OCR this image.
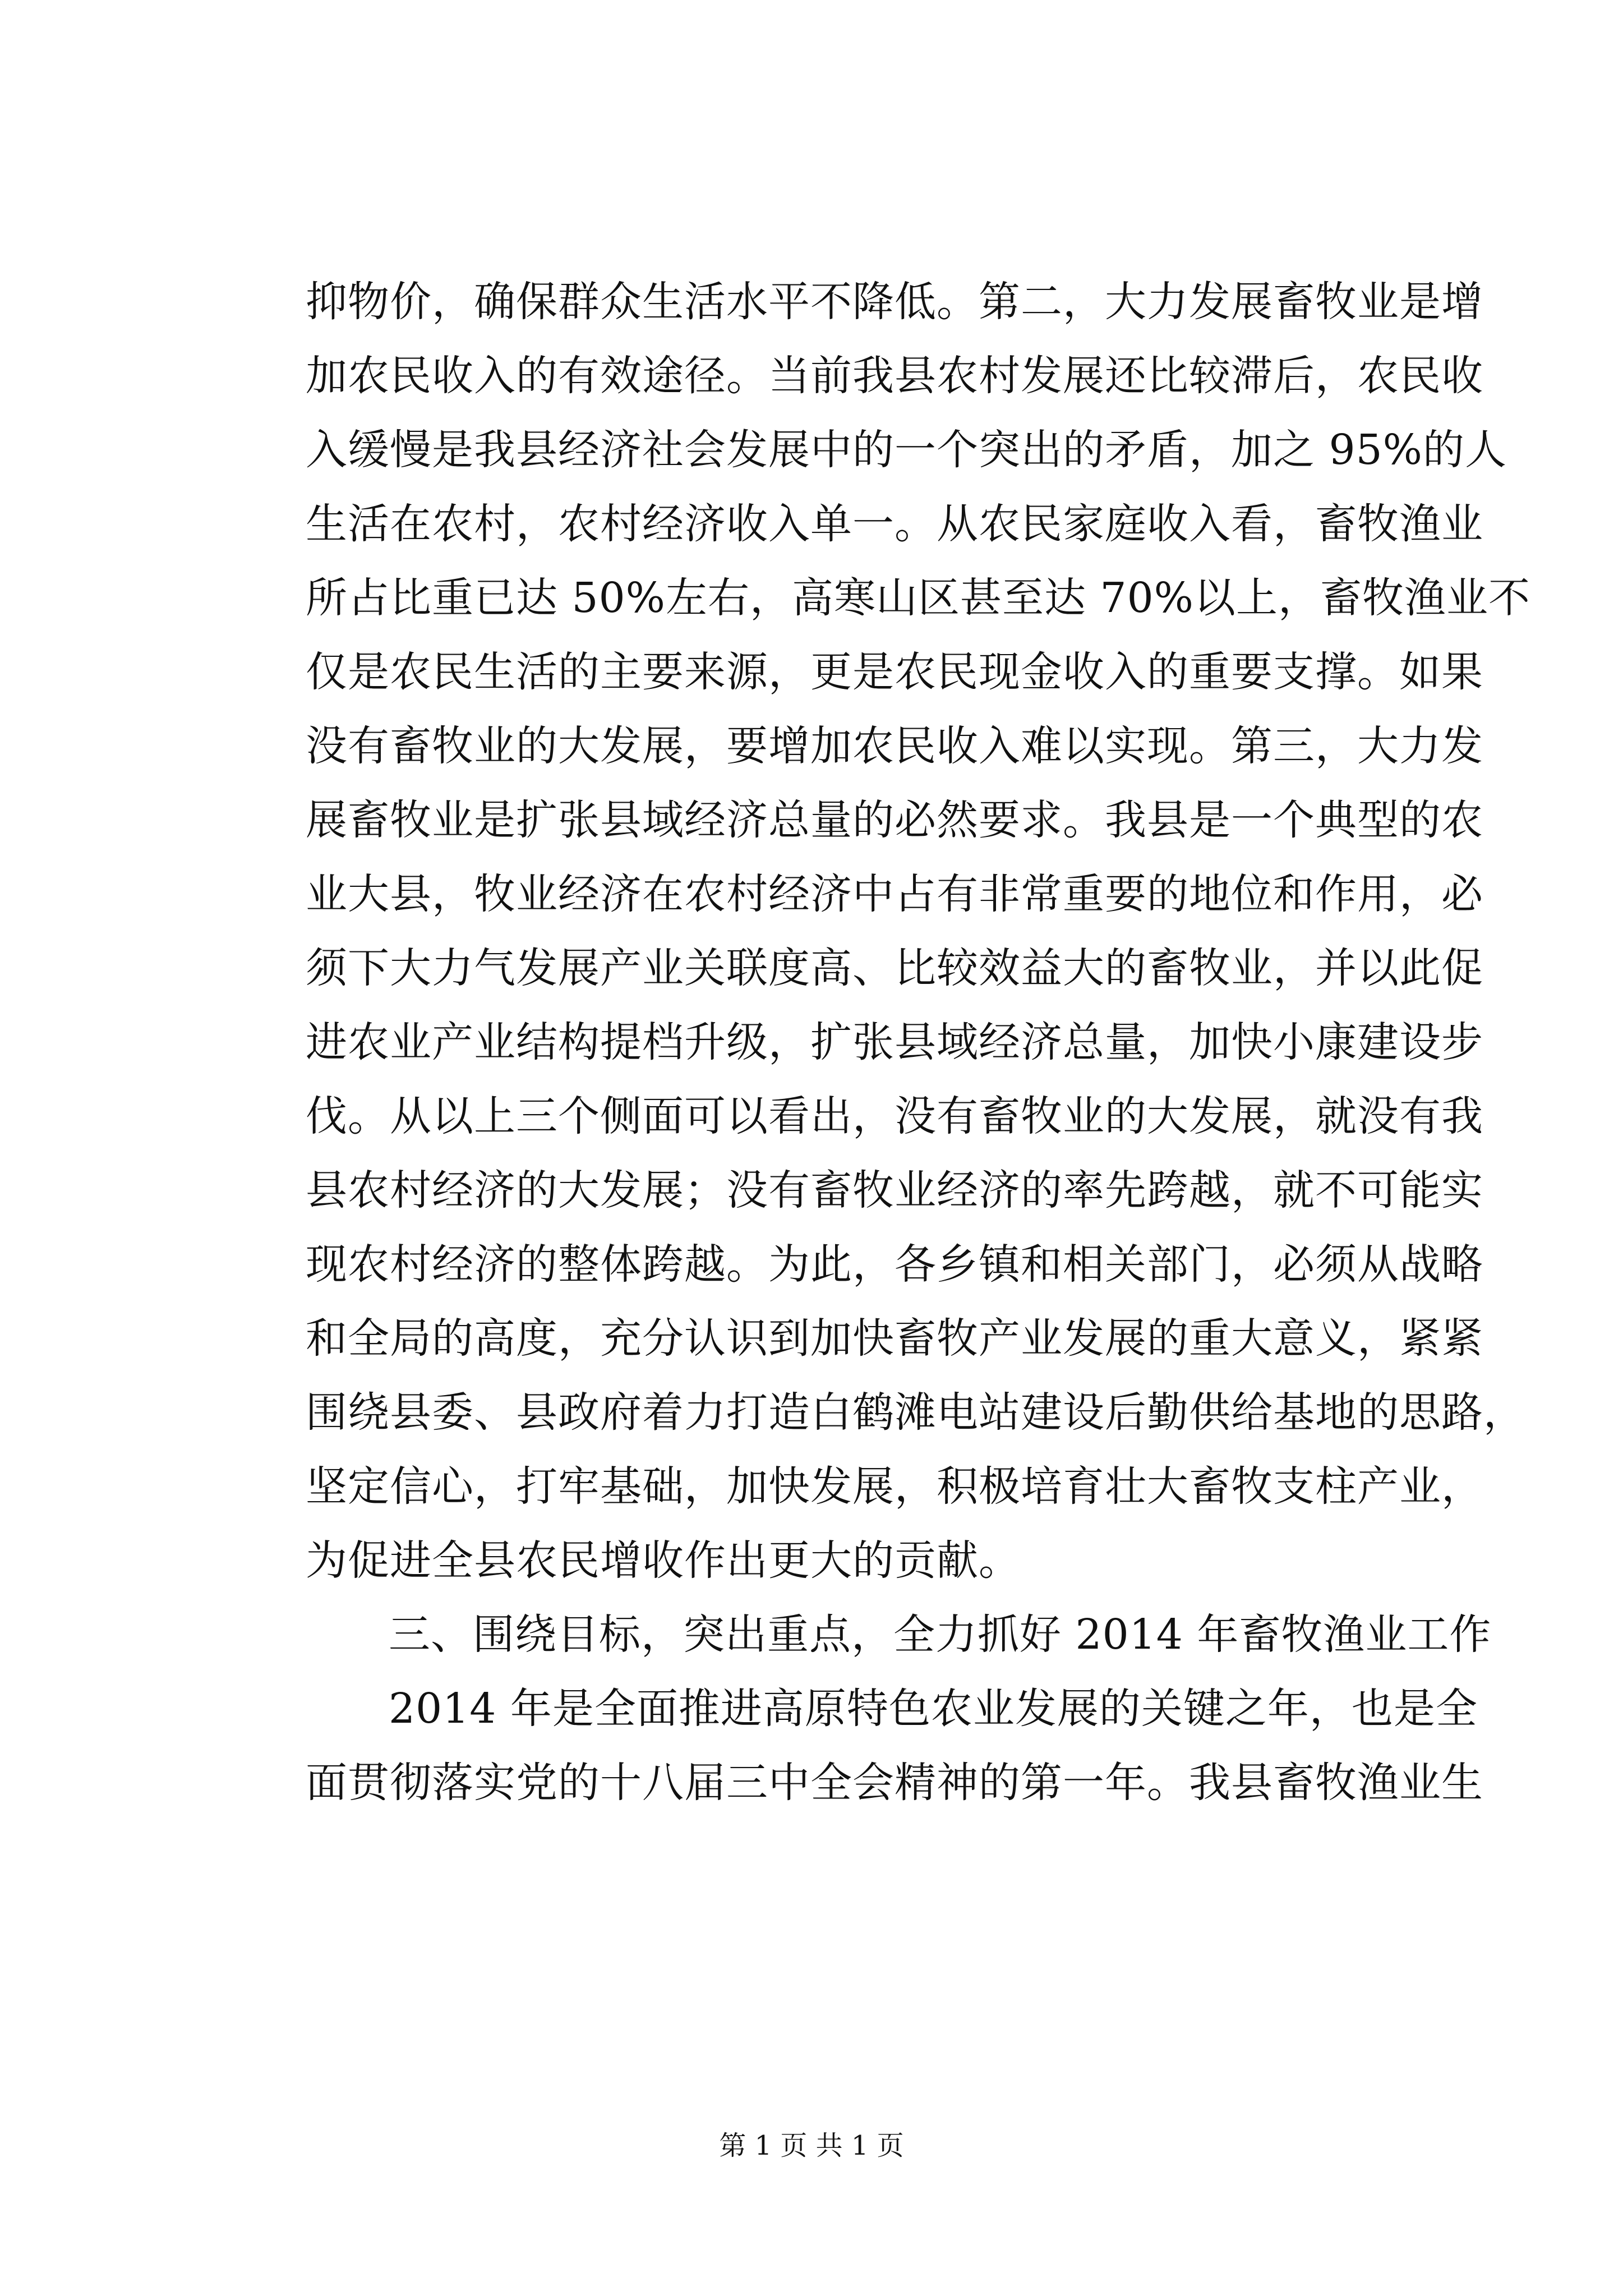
抑物价，确保群众生活水平不降低。第二，大力发展畜牧业是增
加农民收入的有效途径。当前我县农村发展还比较滞后，农民收
入缓慢是我县经济社会发展中的一个突出的矛盾，加之 95%的人
生活在农村，农村经济收入单一。从农民家庭收入看，畜牧渔业
所占比重已达 50%左右，高寒山区甚至达 70%以上，畜牧渔业不
仅是农民生活的主要来源，更是农民现金收入的重要支撑。如果
没有畜牧业的大发展，要增加农民收入难以实现。第三，大力发
展畜牧业是扩张县域经济总量的必然要求。我县是一个典型的农
业大县，牧业经济在农村经济中占有非常重要的地位和作用，必
须下大力气发展产业关联度高、比较效益大的畜牧业，并以此促
进农业产业结构提档升级，扩张县域经济总量，加快小康建设步
伐。从以上三个侧面可以看出，没有畜牧业的大发展，就没有我
县农村经济的大发展；没有畜牧业经济的率先跨越，就不可能实
现农村经济的整体跨越。为此，各乡镇和相关部门，必须从战略
和全局的高度，充分认识到加快畜牧产业发展的重大意义，紧紧
围绕县委、县政府着力打造白鹤滩电站建设后勤供给基地的思路，
坚定信心，打牢基础，加快发展，积极培育壮大畜牧支柱产业，
为促进全县农民增收作出更大的贡献。
三、围绕目标，突出重点，全力抓好 2014 年畜牧渔业工作
2014 年是全面推进高原特色农业发展的关键之年，也是全
面贯彻落实党的十八届三中全会精神的第一年。我县畜牧渔业生
第 1 页 共 1 页
